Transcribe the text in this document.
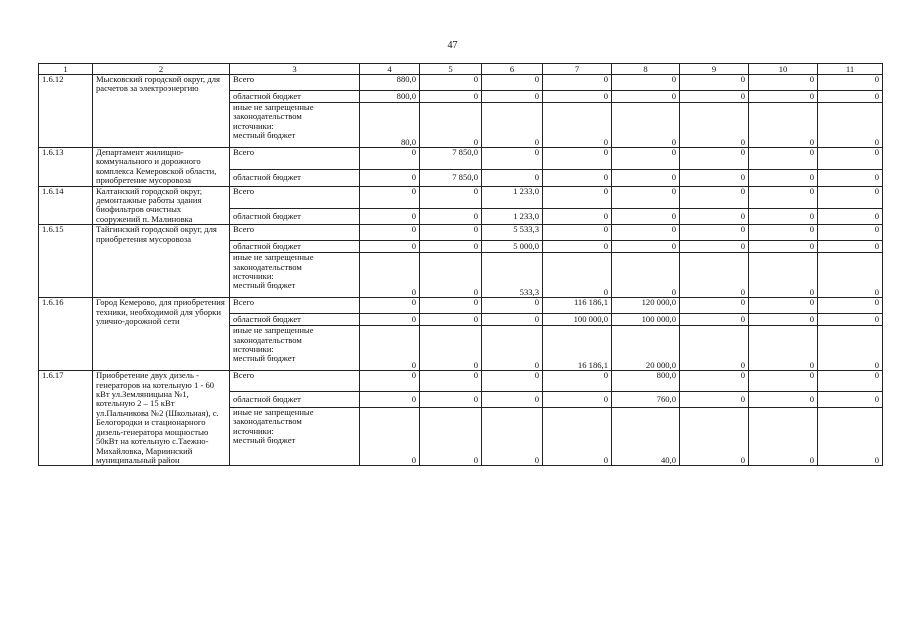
47
1	2	3	4	5	6	7	8	9	10	11
1.6.12	Мысковский городской округ, для расчетов за электроэнергию	Всего	880,0	0	0	0	0	0	0	0
		областной бюджет	800,0	0	0	0	0	0	0	0

		иные не запрещенные
законодательством
источники:
местный бюджет	80,0	0	0	0	0	0	0	0
1.6.13	Департамент жилищно-коммунального и дорожного комплекса Кемеровской области, приобретение мусоровоза	Всего	0	7 850,0	0	0	0	0	0	0
		областной бюджет	0	7 850,0	0	0	0	0	0	0
1.6.14	Калтанский городской округ, демонтажные работы здания биофильтров очистных сооружений п. Малиновка	Всего	0	0	1 233,0	0	0	0	0	0
		областной бюджет	0	0	1 233,0	0	0	0	0	0
1.6.15	Тайгинский городской округ, для приобретения мусоровоза	Всего	0	0	5 533,3	0	0	0	0	0
		областной бюджет	0	0	5 000,0	0	0	0	0	0

		иные не запрещенные
законодательством
источники:
местный бюджет	0	0	533,3	0	0	0	0	0
1.6.16	Город Кемерово, для приобретения техники, необходимой для уборки улично-дорожной сети	Всего	0	0	0	116 186,1	120 000,0	0	0	0
		областной бюджет	0	0	0	100 000,0	100 000,0	0	0	0

		иные не запрещенные
законодательством
источники:
местный бюджет	0	0	0	16 186,1	20 000,0	0	0	0
1.6.17	Приобретение двух дизель - генераторов на котельную 1 - 60 кВт ул.Земляницына №1, котельную 2 – 15 кВт ул.Пальчикова №2 (Школьная), с. Белогородки и стационарного дизель-генератора мощностью 50кВт на котельную с.Таежно-Михайловка, Мариинский муниципальный район	Всего	0	0	0	0	800,0	0	0	0
		областной бюджет	0	0	0	0	760,0	0	0	0

		иные не запрещенные
законодательством
источники:
местный бюджет	0	0	0	0	40,0	0	0	0
